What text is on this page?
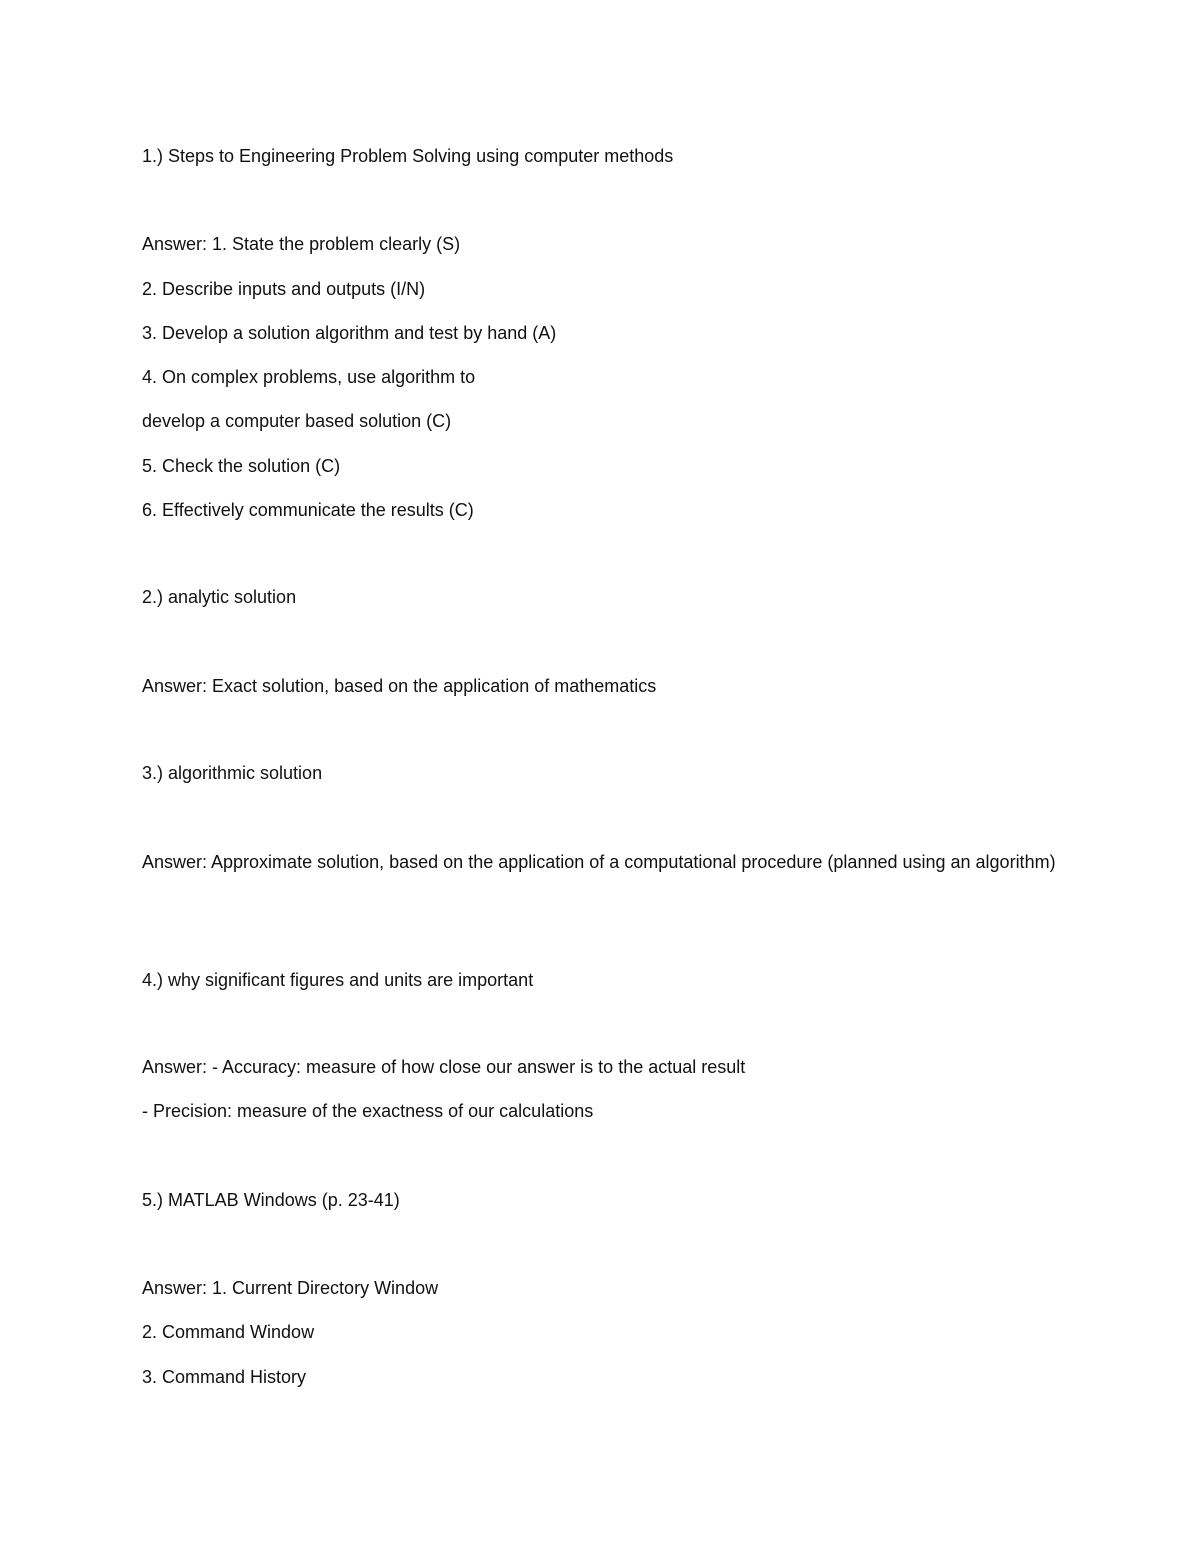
1.) Steps to Engineering Problem Solving using computer methods
Answer: 1. State the problem clearly (S)
2. Describe inputs and outputs (I/N)
3. Develop a solution algorithm and test by hand (A)
4. On complex problems, use algorithm to
develop a computer based solution (C)
5. Check the solution (C)
6. Effectively communicate the results (C)
2.) analytic solution
Answer: Exact solution, based on the application of mathematics
3.) algorithmic solution
Answer: Approximate solution, based on the application of a computational procedure (planned using an algorithm)
4.) why significant figures and units are important
Answer: - Accuracy: measure of how close our answer is to the actual result
- Precision: measure of the exactness of our calculations
5.) MATLAB Windows (p. 23-41)
Answer: 1. Current Directory Window
2. Command Window
3. Command History
